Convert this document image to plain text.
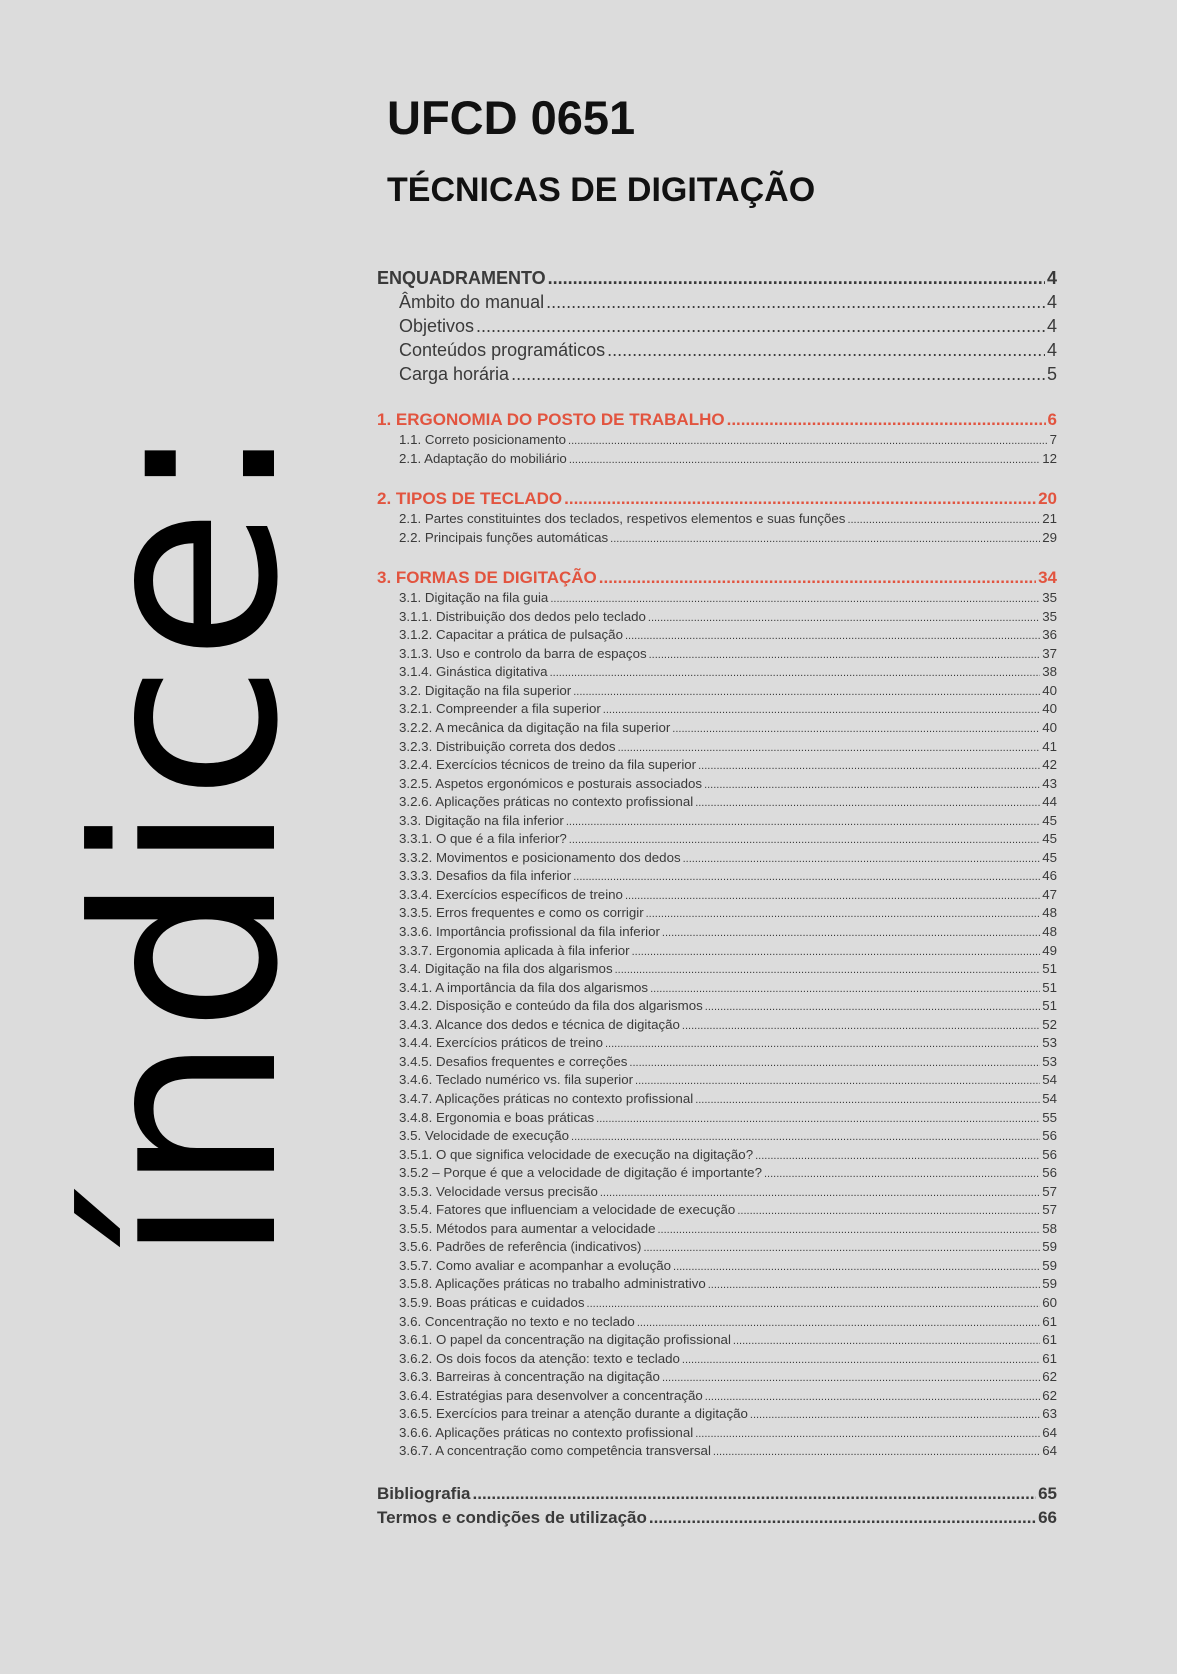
índice:
UFCD 0651
TÉCNICAS DE DIGITAÇÃO
ENQUADRAMENTO .....	4
Âmbito do manual .....	4
Objetivos .....	4
Conteúdos programáticos .....	4
Carga horária .....	5
1. ERGONOMIA DO POSTO DE TRABALHO .....	6
1.1. Correto posicionamento .....	7
2.1. Adaptação do mobiliário .....	12
2. TIPOS DE TECLADO .....	20
2.1. Partes constituintes dos teclados, respetivos elementos e suas funções .....	21
2.2. Principais funções automáticas .....	29
3. FORMAS DE DIGITAÇÃO .....	34
3.1. Digitação na fila guia .....	35
3.1.1. Distribuição dos dedos pelo teclado .....	35
3.1.2. Capacitar a prática de pulsação .....	36
3.1.3. Uso e controlo da barra de espaços .....	37
3.1.4. Ginástica digitativa .....	38
3.2. Digitação na fila superior .....	40
3.2.1. Compreender a fila superior .....	40
3.2.2. A mecânica da digitação na fila superior .....	40
3.2.3. Distribuição correta dos dedos .....	41
3.2.4. Exercícios técnicos de treino da fila superior .....	42
3.2.5. Aspetos ergonómicos e posturais associados .....	43
3.2.6. Aplicações práticas no contexto profissional .....	44
3.3. Digitação na fila inferior .....	45
3.3.1. O que é a fila inferior? .....	45
3.3.2. Movimentos e posicionamento dos dedos .....	45
3.3.3. Desafios da fila inferior .....	46
3.3.4. Exercícios específicos de treino .....	47
3.3.5. Erros frequentes e como os corrigir .....	48
3.3.6. Importância profissional da fila inferior .....	48
3.3.7. Ergonomia aplicada à fila inferior .....	49
3.4. Digitação na fila dos algarismos .....	51
3.4.1. A importância da fila dos algarismos .....	51
3.4.2. Disposição e conteúdo da fila dos algarismos .....	51
3.4.3. Alcance dos dedos e técnica de digitação .....	52
3.4.4. Exercícios práticos de treino .....	53
3.4.5. Desafios frequentes e correções .....	53
3.4.6. Teclado numérico vs. fila superior .....	54
3.4.7. Aplicações práticas no contexto profissional .....	54
3.4.8. Ergonomia e boas práticas .....	55
3.5. Velocidade de execução .....	56
3.5.1. O que significa velocidade de execução na digitação? .....	56
3.5.2 – Porque é que a velocidade de digitação é importante? .....	56
3.5.3. Velocidade versus precisão .....	57
3.5.4. Fatores que influenciam a velocidade de execução .....	57
3.5.5. Métodos para aumentar a velocidade .....	58
3.5.6. Padrões de referência (indicativos) .....	59
3.5.7. Como avaliar e acompanhar a evolução .....	59
3.5.8. Aplicações práticas no trabalho administrativo .....	59
3.5.9. Boas práticas e cuidados .....	60
3.6. Concentração no texto e no teclado .....	61
3.6.1. O papel da concentração na digitação profissional .....	61
3.6.2. Os dois focos da atenção: texto e teclado .....	61
3.6.3. Barreiras à concentração na digitação .....	62
3.6.4. Estratégias para desenvolver a concentração .....	62
3.6.5. Exercícios para treinar a atenção durante a digitação .....	63
3.6.6. Aplicações práticas no contexto profissional .....	64
3.6.7. A concentração como competência transversal .....	64
Bibliografia .....	65
Termos e condições de utilização .....	66
